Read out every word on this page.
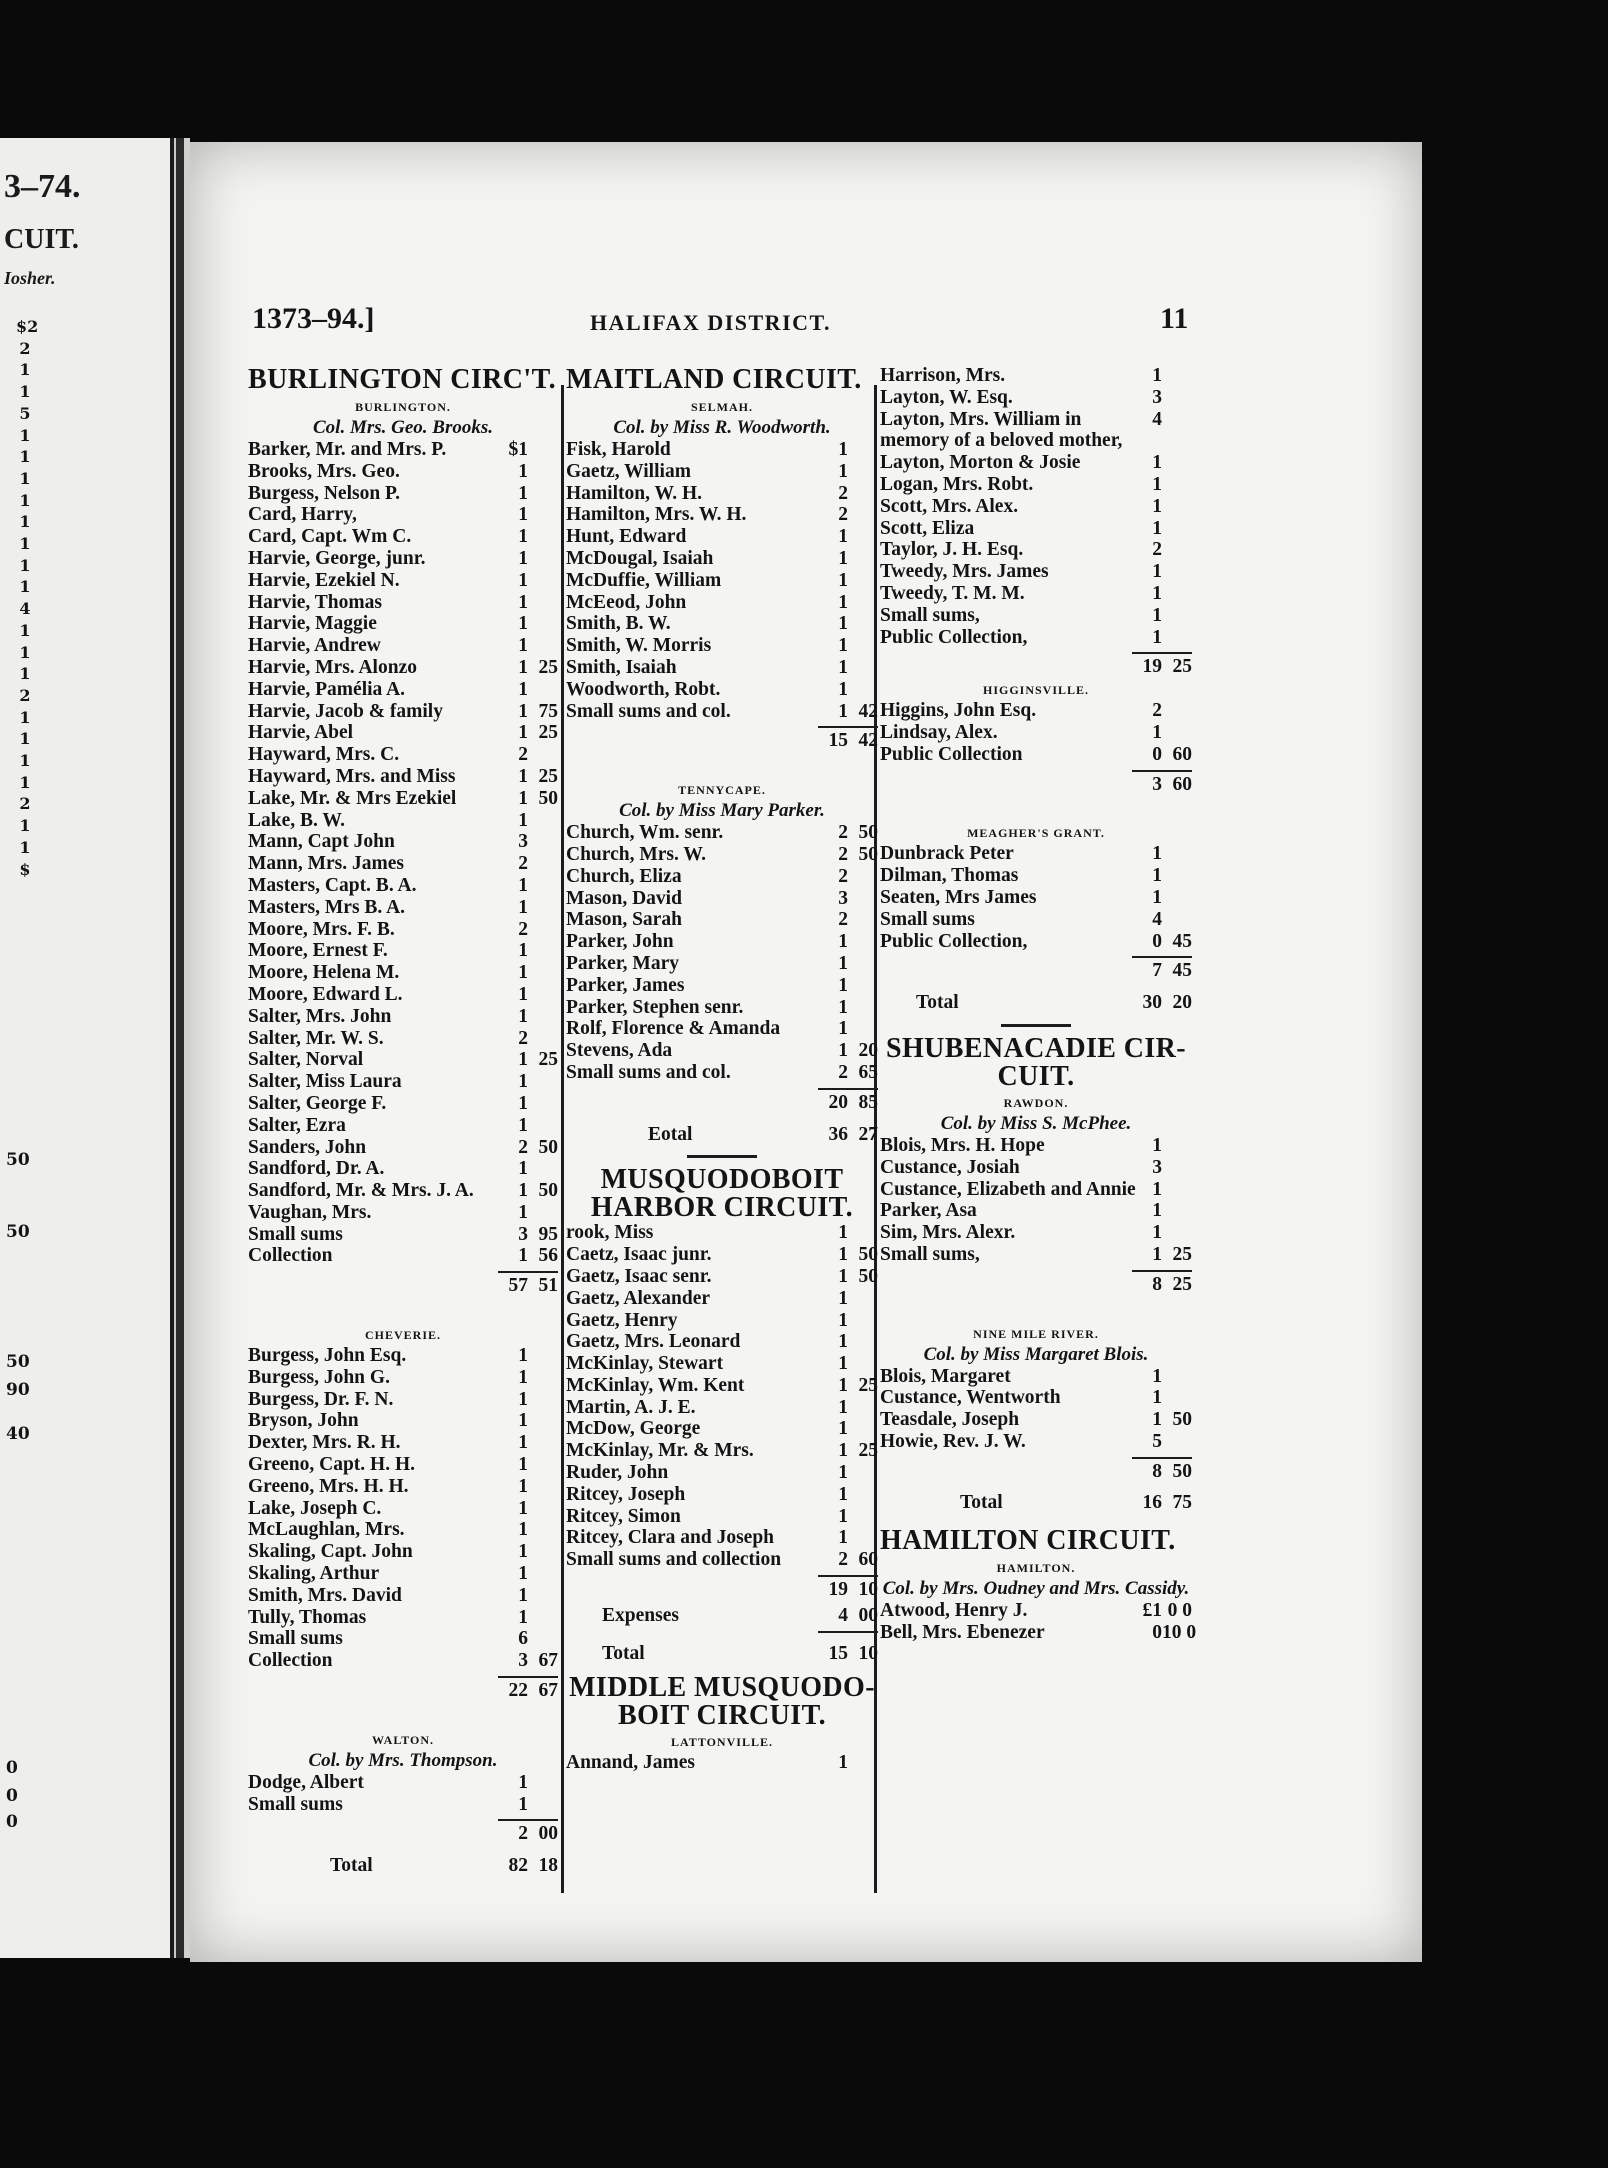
3–74.
CUIT.
Iosher.
$2
2
1
1
5
1
1
1
1
1
1
1
1
4
1
1
1
2
1
1
1
1
2
1
1
$
50
50
50
90
40
0
0
0
1373–94.]	HALIFAX DISTRICT.	11
BURLINGTON CIRC'T.
BURLINGTON.
Col. Mrs. Geo. Brooks.
Barker, Mr. and Mrs. P.	$1
Brooks, Mrs. Geo.	1
Burgess, Nelson P.	1
Card, Harry,	1
Card, Capt. Wm C.	1
Harvie, George, junr.	1
Harvie, Ezekiel N.	1
Harvie, Thomas	1
Harvie, Maggie	1
Harvie, Andrew	1
Harvie, Mrs. Alonzo	1 25
Harvie, Pamélia A.	1
Harvie, Jacob & family	1 75
Harvie, Abel	1 25
Hayward, Mrs. C.	2
Hayward, Mrs. and Miss	1 25
Lake, Mr. & Mrs Ezekiel	1 50
Lake, B. W.	1
Mann, Capt John	3
Mann, Mrs. James	2
Masters, Capt. B. A.	1
Masters, Mrs B. A.	1
Moore, Mrs. F. B.	2
Moore, Ernest F.	1
Moore, Helena M.	1
Moore, Edward L.	1
Salter, Mrs. John	1
Salter, Mr. W. S.	2
Salter, Norval	1 25
Salter, Miss Laura	1
Salter, George F.	1
Salter, Ezra	1
Sanders, John	2 50
Sandford, Dr. A.	1
Sandford, Mr. & Mrs. J. A.	1 50
Vaughan, Mrs.	1
Small sums	3 95
Collection	1 56
57 51
CHEVERIE.
Burgess, John Esq.	1
Burgess, John G.	1
Burgess, Dr. F. N.	1
Bryson, John	1
Dexter, Mrs. R. H.	1
Greeno, Capt. H. H.	1
Greeno, Mrs. H. H.	1
Lake, Joseph C.	1
McLaughlan, Mrs.	1
Skaling, Capt. John	1
Skaling, Arthur	1
Smith, Mrs. David	1
Tully, Thomas	1
Small sums	6
Collection	3 67
22 67
WALTON.
Col. by Mrs. Thompson.
Dodge, Albert	1
Small sums	1
2 00
Total	82 18
MAITLAND CIRCUIT.
SELMAH.
Col. by Miss R. Woodworth.
Fisk, Harold	1
Gaetz, William	1
Hamilton, W. H.	2
Hamilton, Mrs. W. H.	2
Hunt, Edward	1
McDougal, Isaiah	1
McDuffie, William	1
McEeod, John	1
Smith, B. W.	1
Smith, W. Morris	1
Smith, Isaiah	1
Woodworth, Robt.	1
Small sums and col.	1 42
15 42
TENNYCAPE.
Col. by Miss Mary Parker.
Church, Wm. senr.	2 50
Church, Mrs. W.	2 50
Church, Eliza	2
Mason, David	3
Mason, Sarah	2
Parker, John	1
Parker, Mary	1
Parker, James	1
Parker, Stephen senr.	1
Rolf, Florence & Amanda	1
Stevens, Ada	1 20
Small sums and col.	2 65
20 85
Eotal	36 27
MUSQUODOBOIT
HARBOR CIRCUIT.
rook, Miss	1
Caetz, Isaac junr.	1 50
Gaetz, Isaac senr.	1 50
Gaetz, Alexander	1
Gaetz, Henry	1
Gaetz, Mrs. Leonard	1
McKinlay, Stewart	1
McKinlay, Wm. Kent	1 25
Martin, A. J. E.	1
McDow, George	1
McKinlay, Mr. & Mrs.	1 25
Ruder, John	1
Ritcey, Joseph	1
Ritcey, Simon	1
Ritcey, Clara and Joseph	1
Small sums and collection	2 60
19 10
Expenses	4 00
Total	15 10
MIDDLE MUSQUODO-BOIT CIRCUIT.
LATTONVILLE.
Annand, James	1
Harrison, Mrs.	1
Layton, W. Esq.	3
Layton, Mrs. William in memory of a beloved mother,
4
Layton, Morton & Josie	1
Logan, Mrs. Robt.	1
Scott, Mrs. Alex.	1
Scott, Eliza	1
Taylor, J. H. Esq.	2
Tweedy, Mrs. James	1
Tweedy, T. M. M.	1
Small sums,	1
Public Collection,	1
19 25
HIGGINSVILLE.
Higgins, John Esq.	2
Lindsay, Alex.	1
Public Collection	0 60
3 60
MEAGHER'S GRANT.
Dunbrack Peter	1
Dilman, Thomas	1
Seaten, Mrs James	1
Small sums	4
Public Collection,	0 45
7 45
Total	30 20
SHUBENACADIE CIR-CUIT.
RAWDON.
Col. by Miss S. McPhee.
Blois, Mrs. H. Hope	1
Custance, Josiah	3
Custance, Elizabeth and Annie 1
Parker, Asa	1
Sim, Mrs. Alexr.	1
Small sums,	1 25
8 25
NINE MILE RIVER.
Col. by Miss Margaret Blois.
Blois, Margaret	1
Custance, Wentworth	1
Teasdale, Joseph	1 50
Howie, Rev. J. W.	5
8 50
Total	16 75
HAMILTON CIRCUIT.
HAMILTON.
Col. by Mrs. Oudney and Mrs. Cassidy.
Atwood, Henry J.	£1 0 0
Bell, Mrs. Ebenezer	0 10 0
